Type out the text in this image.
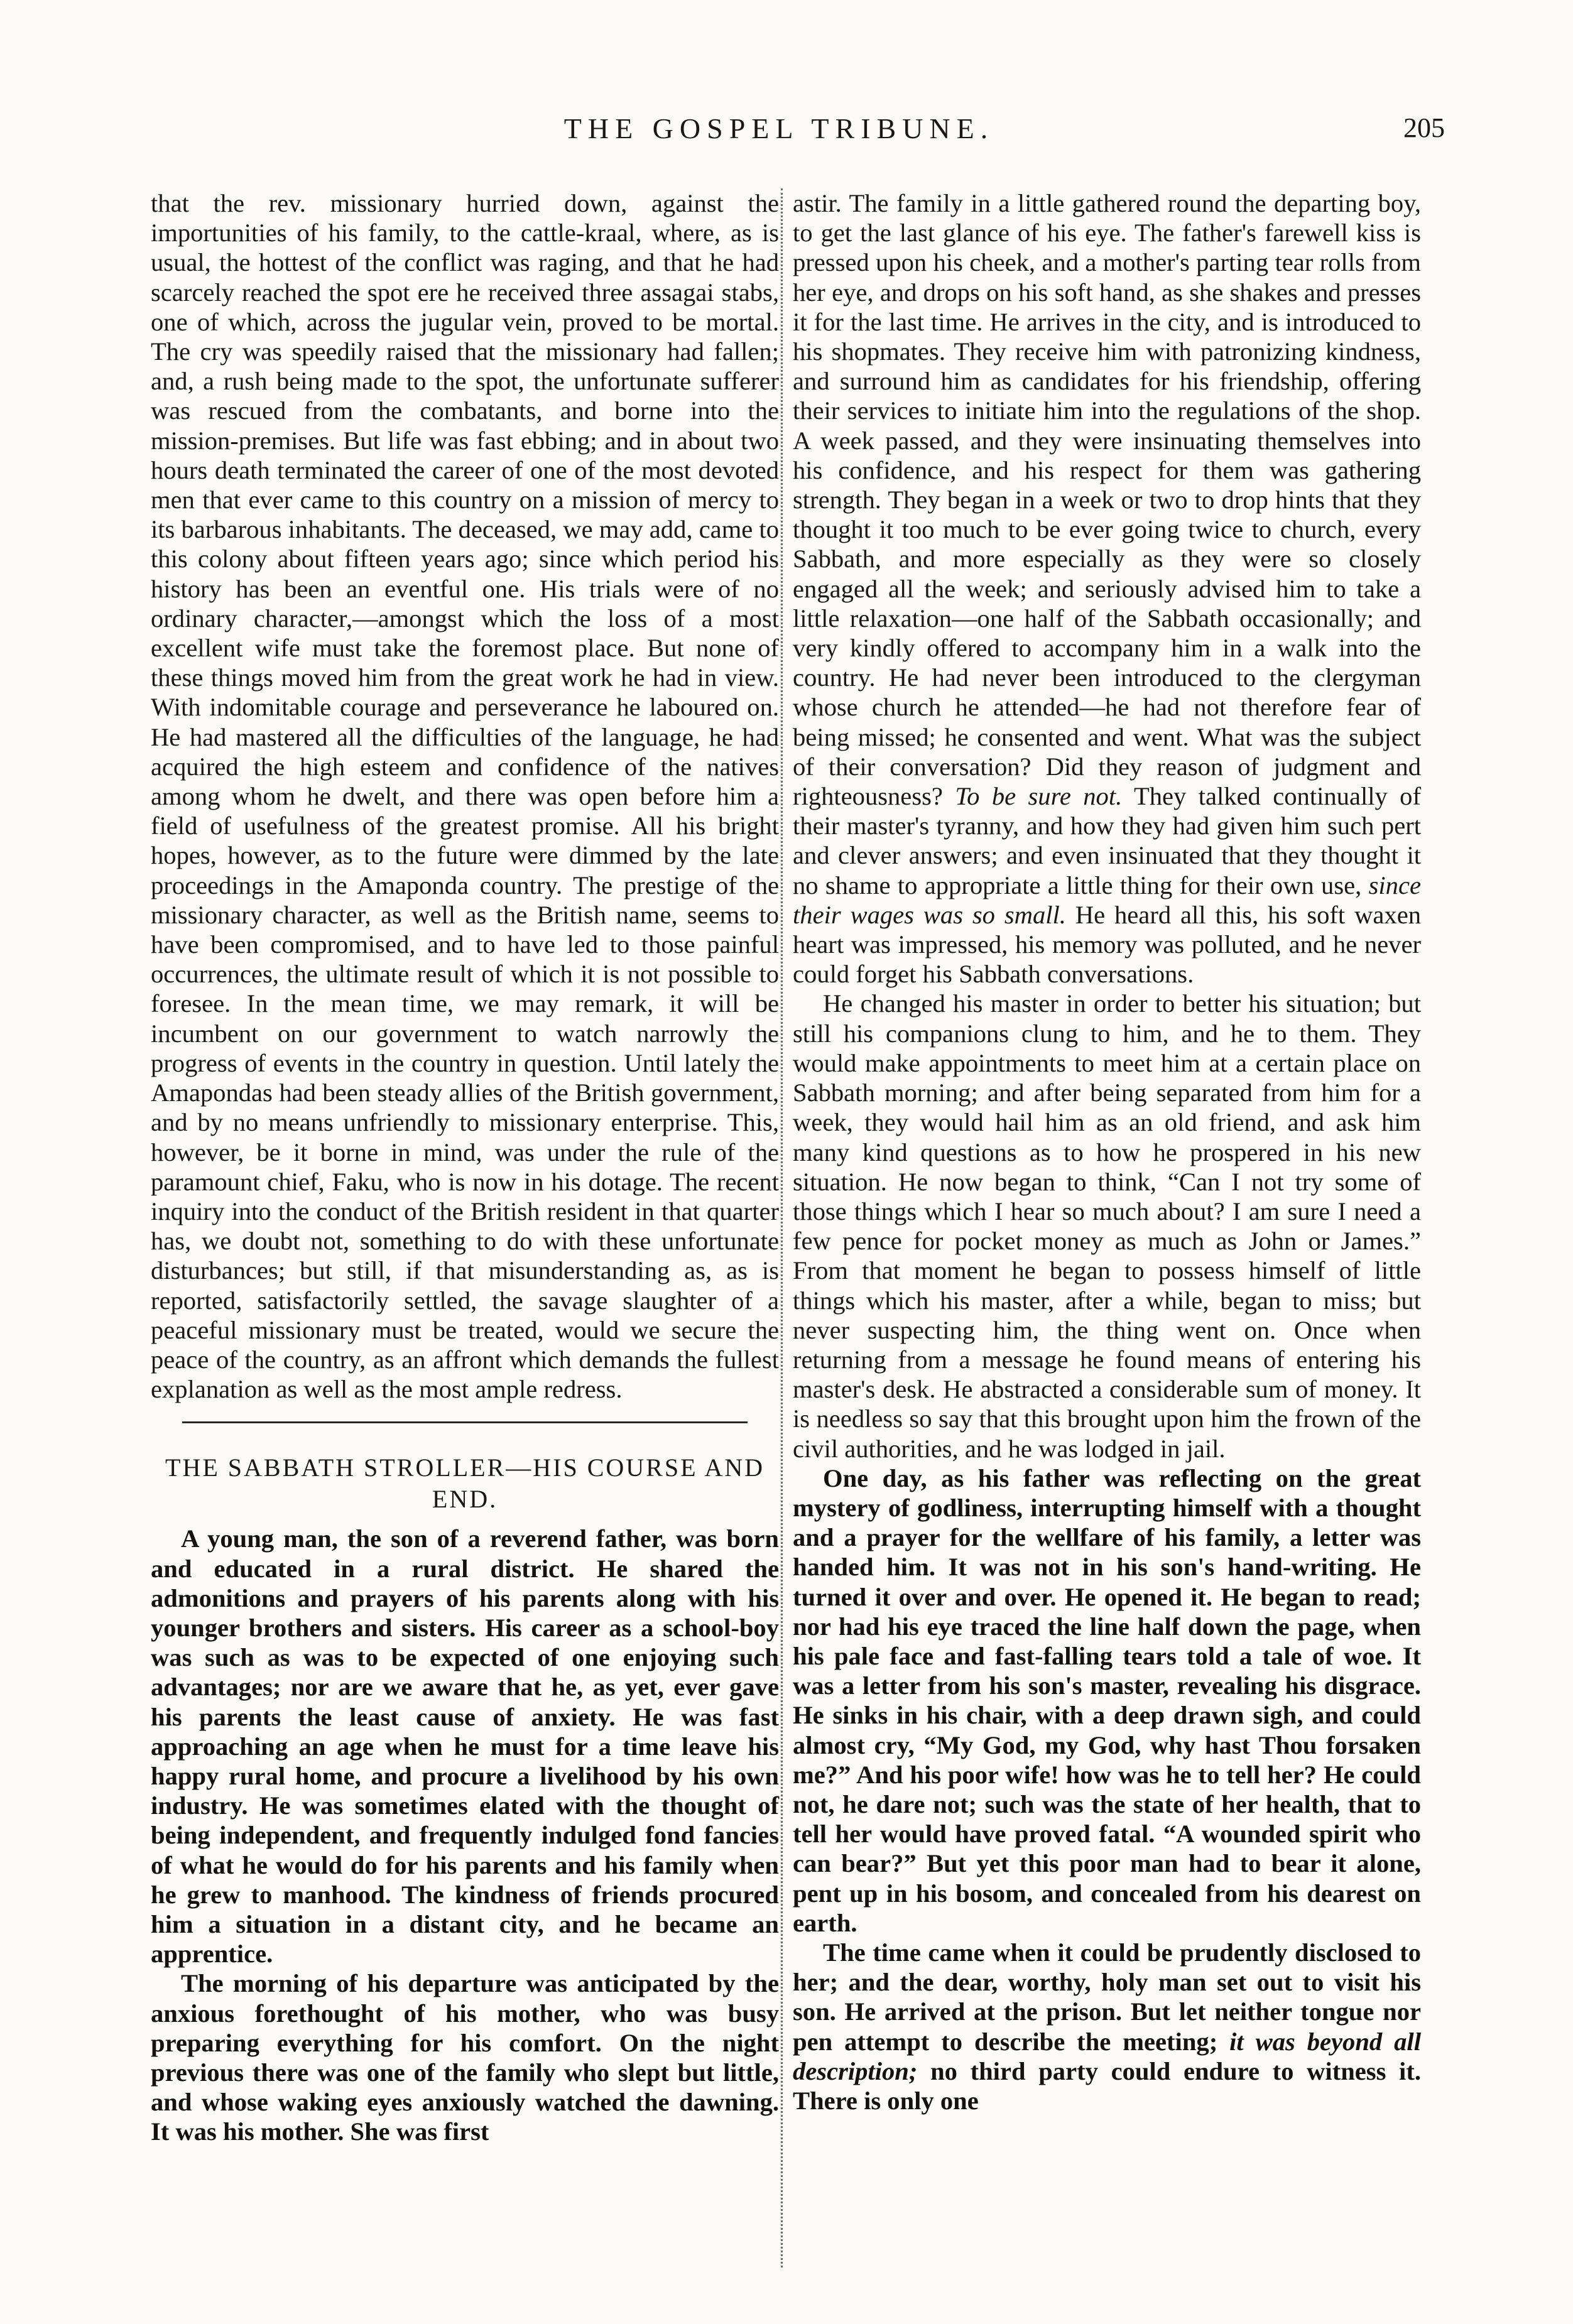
THE GOSPEL TRIBUNE.	205

that the rev. missionary hurried down, against the importunities of his family, to the cattle-kraal, where, as is usual, the hottest of the conflict was raging, and that he had scarcely reached the spot ere he received three assagai stabs, one of which, across the jugular vein, proved to be mortal. The cry was speedily raised that the missionary had fallen; and, a rush being made to the spot, the unfortunate sufferer was rescued from the combatants, and borne into the mission-premises. But life was fast ebbing; and in about two hours death terminated the career of one of the most devoted men that ever came to this country on a mission of mercy to its barbarous inhabitants. The deceased, we may add, came to this colony about fifteen years ago; since which period his history has been an eventful one. His trials were of no ordinary character,—amongst which the loss of a most excellent wife must take the foremost place. But none of these things moved him from the great work he had in view. With indomitable courage and perseverance he laboured on. He had mastered all the difficulties of the language, he had acquired the high esteem and confidence of the natives among whom he dwelt, and there was open before him a field of usefulness of the greatest promise. All his bright hopes, however, as to the future were dimmed by the late proceedings in the Amaponda country. The prestige of the missionary character, as well as the British name, seems to have been compromised, and to have led to those painful occurrences, the ultimate result of which it is not possible to foresee. In the mean time, we may remark, it will be incumbent on our government to watch narrowly the progress of events in the country in question. Until lately the Amapondas had been steady allies of the British government, and by no means unfriendly to missionary enterprise. This, however, be it borne in mind, was under the rule of the paramount chief, Faku, who is now in his dotage. The recent inquiry into the conduct of the British resident in that quarter has, we doubt not, something to do with these unfortunate disturbances; but still, if that misunderstanding as, as is reported, satisfactorily settled, the savage slaughter of a peaceful missionary must be treated, would we secure the peace of the country, as an affront which demands the fullest explanation as well as the most ample redress.

THE SABBATH STROLLER—HIS COURSE AND END.

A young man, the son of a reverend father, was born and educated in a rural district. He shared the admonitions and prayers of his parents along with his younger brothers and sisters. His career as a school-boy was such as was to be expected of one enjoying such advantages; nor are we aware that he, as yet, ever gave his parents the least cause of anxiety. He was fast approaching an age when he must for a time leave his happy rural home, and procure a livelihood by his own industry. He was sometimes elated with the thought of being independent, and frequently indulged fond fancies of what he would do for his parents and his family when he grew to manhood. The kindness of friends procured him a situation in a distant city, and he became an apprentice.

The morning of his departure was anticipated by the anxious forethought of his mother, who was busy preparing everything for his comfort. On the night previous there was one of the family who slept but little, and whose waking eyes anxiously watched the dawning. It was his mother. She was first

astir. The family in a little gathered round the departing boy, to get the last glance of his eye. The father's farewell kiss is pressed upon his cheek, and a mother's parting tear rolls from her eye, and drops on his soft hand, as she shakes and presses it for the last time. He arrives in the city, and is introduced to his shopmates. They receive him with patronizing kindness, and surround him as candidates for his friendship, offering their services to initiate him into the regulations of the shop. A week passed, and they were insinuating themselves into his confidence, and his respect for them was gathering strength. They began in a week or two to drop hints that they thought it too much to be ever going twice to church, every Sabbath, and more especially as they were so closely engaged all the week; and seriously advised him to take a little relaxation—one half of the Sabbath occasionally; and very kindly offered to accompany him in a walk into the country. He had never been introduced to the clergyman whose church he attended—he had not therefore fear of being missed; he consented and went. What was the subject of their conversation? Did they reason of judgment and righteousness? To be sure not. They talked continually of their master's tyranny, and how they had given him such pert and clever answers; and even insinuated that they thought it no shame to appropriate a little thing for their own use, since their wages was so small. He heard all this, his soft waxen heart was impressed, his memory was polluted, and he never could forget his Sabbath conversations.

He changed his master in order to better his situation; but still his companions clung to him, and he to them. They would make appointments to meet him at a certain place on Sabbath morning; and after being separated from him for a week, they would hail him as an old friend, and ask him many kind questions as to how he prospered in his new situation. He now began to think, “Can I not try some of those things which I hear so much about? I am sure I need a few pence for pocket money as much as John or James.” From that moment he began to possess himself of little things which his master, after a while, began to miss; but never suspecting him, the thing went on. Once when returning from a message he found means of entering his master's desk. He abstracted a considerable sum of money. It is needless so say that this brought upon him the frown of the civil authorities, and he was lodged in jail.

One day, as his father was reflecting on the great mystery of godliness, interrupting himself with a thought and a prayer for the wellfare of his family, a letter was handed him. It was not in his son's hand-writing. He turned it over and over. He opened it. He began to read; nor had his eye traced the line half down the page, when his pale face and fast-falling tears told a tale of woe. It was a letter from his son's master, revealing his disgrace. He sinks in his chair, with a deep drawn sigh, and could almost cry, “My God, my God, why hast Thou forsaken me?” And his poor wife! how was he to tell her? He could not, he dare not; such was the state of her health, that to tell her would have proved fatal. “A wounded spirit who can bear?” But yet this poor man had to bear it alone, pent up in his bosom, and concealed from his dearest on earth.

The time came when it could be prudently disclosed to her; and the dear, worthy, holy man set out to visit his son. He arrived at the prison. But let neither tongue nor pen attempt to describe the meeting; it was beyond all description; no third party could endure to witness it. There is only one
